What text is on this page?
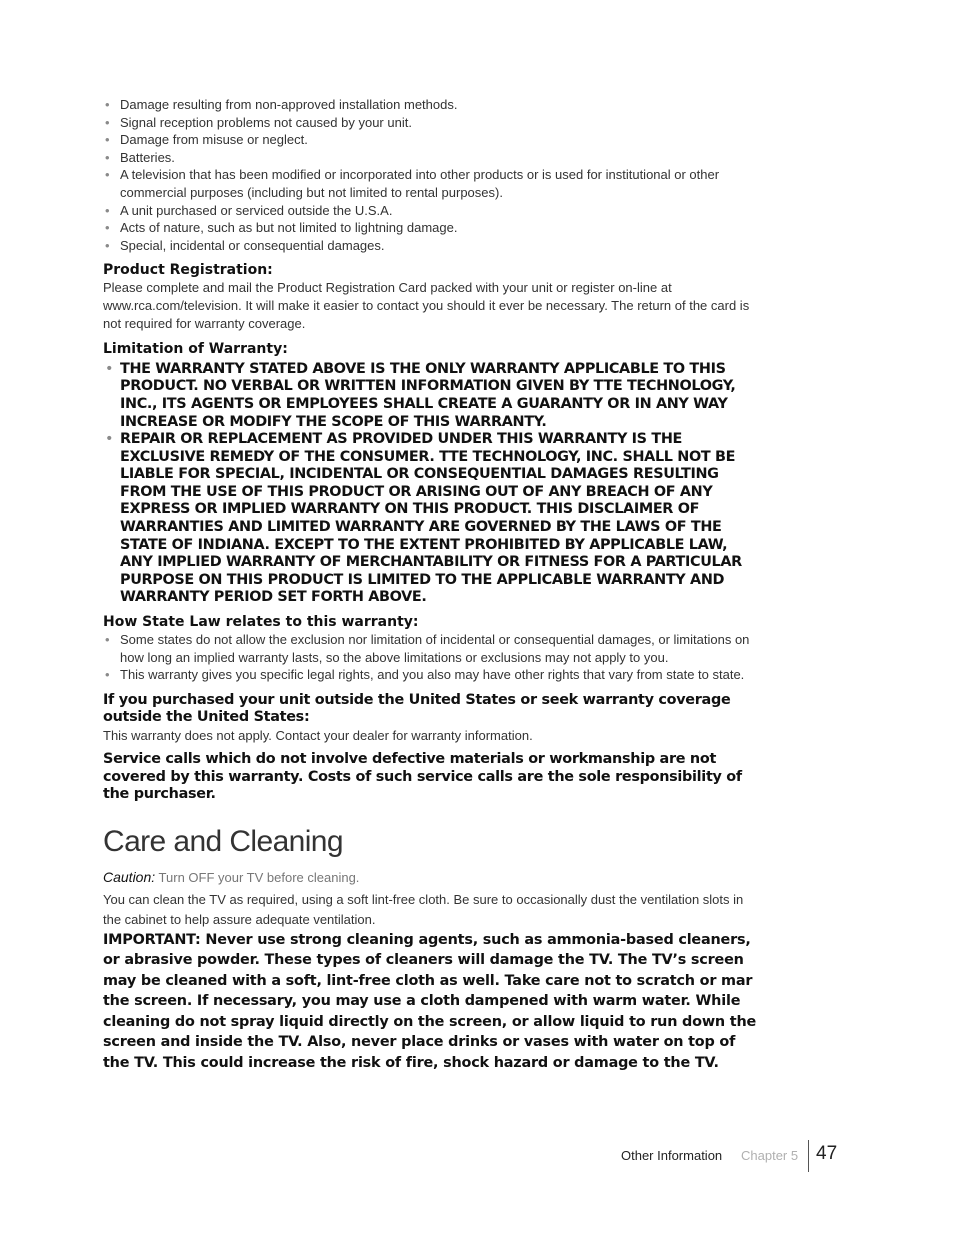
• Damage resulting from non-approved installation methods.
• Signal reception problems not caused by your unit.
• Damage from misuse or neglect.
• Batteries.
• A television that has been modified or incorporated into other products or is used for institutional or other commercial purposes (including but not limited to rental purposes).
• A unit purchased or serviced outside the U.S.A.
• Acts of nature, such as but not limited to lightning damage.
• Special, incidental or consequential damages.
Product Registration:

Please complete and mail the Product Registration Card packed with your unit or register on-line at www.rca.com/television. It will make it easier to contact you should it ever be necessary. The return of the card is not required for warranty coverage.

Limitation of Warranty:
• THE WARRANTY STATED ABOVE IS THE ONLY WARRANTY APPLICABLE TO THIS PRODUCT. NO VERBAL OR WRITTEN INFORMATION GIVEN BY TTE TECHNOLOGY, INC., ITS AGENTS OR EMPLOYEES SHALL CREATE A GUARANTY OR IN ANY WAY INCREASE OR MODIFY THE SCOPE OF THIS WARRANTY.
• REPAIR OR REPLACEMENT AS PROVIDED UNDER THIS WARRANTY IS THE EXCLUSIVE REMEDY OF THE CONSUMER. TTE TECHNOLOGY, INC. SHALL NOT BE LIABLE FOR SPECIAL, INCIDENTAL OR CONSEQUENTIAL DAMAGES RESULTING FROM THE USE OF THIS PRODUCT OR ARISING OUT OF ANY BREACH OF ANY EXPRESS OR IMPLIED WARRANTY ON THIS PRODUCT. THIS DISCLAIMER OF WARRANTIES AND LIMITED WARRANTY ARE GOVERNED BY THE LAWS OF THE STATE OF INDIANA. EXCEPT TO THE EXTENT PROHIBITED BY APPLICABLE LAW, ANY IMPLIED WARRANTY OF MERCHANTABILITY OR FITNESS FOR A PARTICULAR PURPOSE ON THIS PRODUCT IS LIMITED TO THE APPLICABLE WARRANTY AND WARRANTY PERIOD SET FORTH ABOVE.
How State Law relates to this warranty:
• Some states do not allow the exclusion nor limitation of incidental or consequential damages, or limitations on how long an implied warranty lasts, so the above limitations or exclusions may not apply to you.
• This warranty gives you specific legal rights, and you also may have other rights that vary from state to state.
If you purchased your unit outside the United States or seek warranty coverage outside the United States:

This warranty does not apply. Contact your dealer for warranty information.

Service calls which do not involve defective materials or workmanship are not covered by this warranty. Costs of such service calls are the sole responsibility of the purchaser.

Care and Cleaning

Caution: Turn OFF your TV before cleaning.

You can clean the TV as required, using a soft lint-free cloth. Be sure to occasionally dust the ventilation slots in the cabinet to help assure adequate ventilation.

IMPORTANT: Never use strong cleaning agents, such as ammonia-based cleaners, or abrasive powder. These types of cleaners will damage the TV. The TV’s screen may be cleaned with a soft, lint-free cloth as well. Take care not to scratch or mar the screen. If necessary, you may use a cloth dampened with warm water. While cleaning do not spray liquid directly on the screen, or allow liquid to run down the screen and inside the TV. Also, never place drinks or vases with water on top of the TV. This could increase the risk of fire, shock hazard or damage to the TV.

Other Information Chapter 5 47
